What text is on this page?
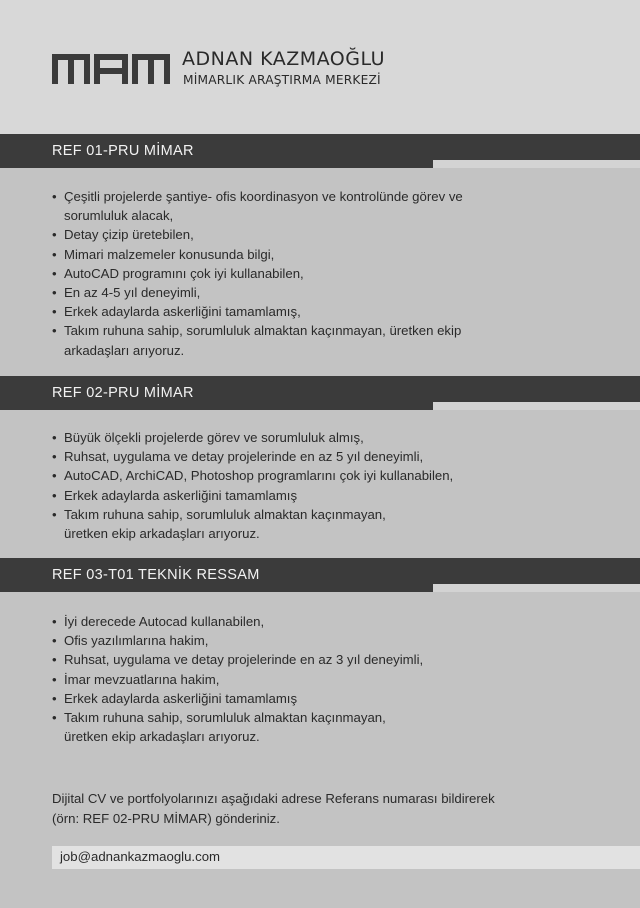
ADNAN KAZMAOĞLU
MİMARLIK ARAŞTIRMA MERKEZİ
REF 01-PRU MİMAR
• Çeşitli projelerde şantiye- ofis koordinasyon ve kontrolünde görev ve sorumluluk alacak,
• Detay çizip üretebilen,
• Mimari malzemeler konusunda bilgi,
• AutoCAD programını çok iyi kullanabilen,
• En az 4-5 yıl deneyimli,
• Erkek adaylarda askerliğini tamamlamış,
• Takım ruhuna sahip, sorumluluk almaktan kaçınmayan, üretken ekip arkadaşları arıyoruz.
REF 02-PRU MİMAR
• Büyük ölçekli projelerde görev ve sorumluluk almış,
• Ruhsat, uygulama ve detay projelerinde en az 5 yıl deneyimli,
• AutoCAD, ArchiCAD, Photoshop programlarını çok iyi kullanabilen,
• Erkek adaylarda askerliğini tamamlamış
• Takım ruhuna sahip, sorumluluk almaktan kaçınmayan, üretken ekip arkadaşları arıyoruz.
REF 03-T01 TEKNİK RESSAM
• İyi derecede Autocad kullanabilen,
• Ofis yazılımlarına hakim,
• Ruhsat, uygulama ve detay projelerinde en az 3 yıl deneyimli,
• İmar mevzuatlarına hakim,
• Erkek adaylarda askerliğini tamamlamış
• Takım ruhuna sahip, sorumluluk almaktan kaçınmayan, üretken ekip arkadaşları arıyoruz.
Dijital CV ve portfolyolarınızı aşağıdaki adrese Referans numarası bildirerek
(örn: REF 02-PRU MİMAR) gönderiniz.
job@adnankazmaoglu.com
